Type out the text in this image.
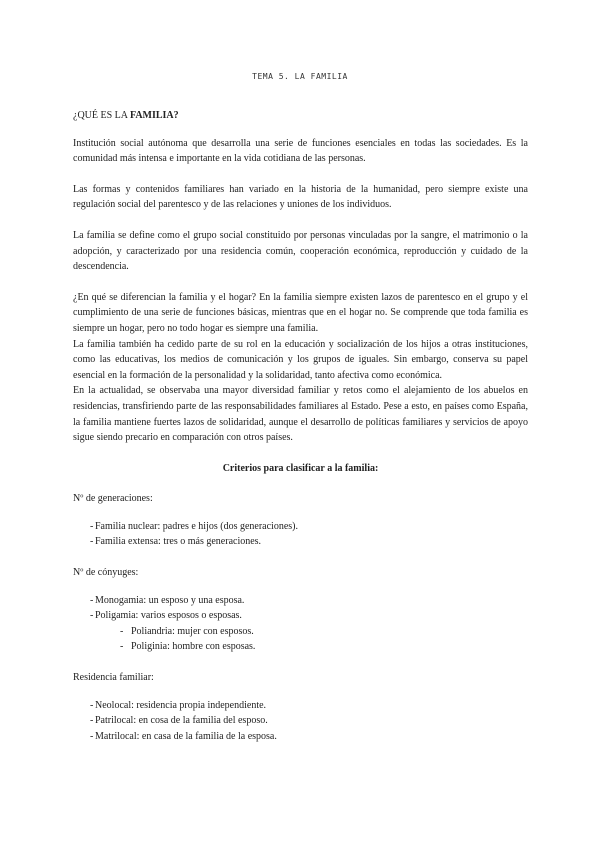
TEMA 5. LA FAMILIA

¿QUÉ ES LA FAMILIA?

Institución social autónoma que desarrolla una serie de funciones esenciales en todas las sociedades. Es la comunidad más intensa e importante en la vida cotidiana de las personas.

Las formas y contenidos familiares han variado en la historia de la humanidad, pero siempre existe una regulación social del parentesco y de las relaciones y uniones de los individuos.

La familia se define como el grupo social constituido por personas vinculadas por la sangre, el matrimonio o la adopción, y caracterizado por una residencia común, cooperación económica, reproducción y cuidado de la descendencia.

¿En qué se diferencian la familia y el hogar? En la familia siempre existen lazos de parentesco en el grupo y el cumplimiento de una serie de funciones básicas, mientras que en el hogar no. Se comprende que toda familia es siempre un hogar, pero no todo hogar es siempre una familia.

La familia también ha cedido parte de su rol en la educación y socialización de los hijos a otras instituciones, como las educativas, los medios de comunicación y los grupos de iguales. Sin embargo, conserva su papel esencial en la formación de la personalidad y la solidaridad, tanto afectiva como económica.

En la actualidad, se observaba una mayor diversidad familiar y retos como el alejamiento de los abuelos en residencias, transfiriendo parte de las responsabilidades familiares al Estado. Pese a esto, en países como España, la familia mantiene fuertes lazos de solidaridad, aunque el desarrollo de políticas familiares y servicios de apoyo sigue siendo precario en comparación con otros países.

Criterios para clasificar a la familia:

Nº de generaciones:

- Familia nuclear: padres e hijos (dos generaciones).
- Familia extensa: tres o más generaciones.

Nº de cónyuges:

- Monogamia: un esposo y una esposa.
- Poligamia: varios esposos o esposas.
- Poliandria: mujer con esposos.
- Poliginia: hombre con esposas.

Residencia familiar:

- Neolocal: residencia propia independiente.
- Patrilocal: en cosa de la familia del esposo.
- Matrilocal: en casa de la familia de la esposa.
